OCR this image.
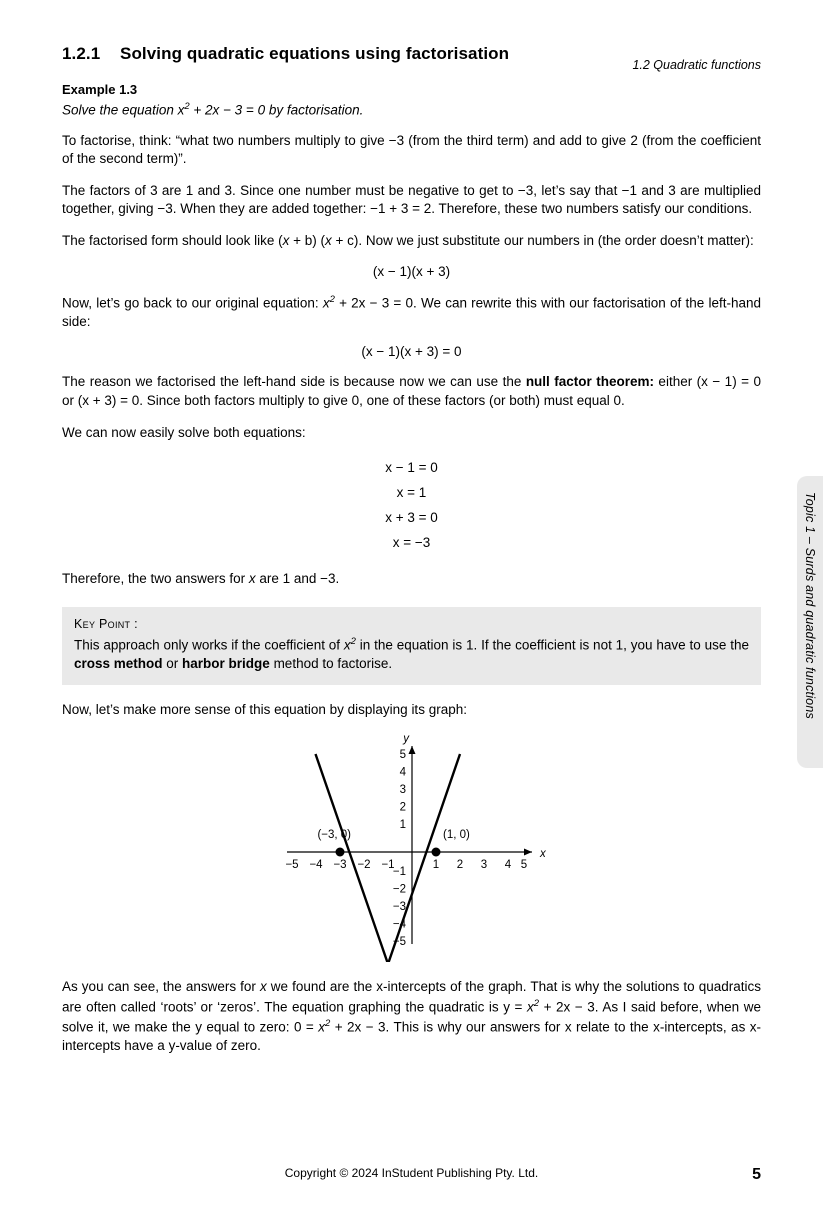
1.2 Quadratic functions
1.2.1 Solving quadratic equations using factorisation
Example 1.3
Solve the equation $x^2 + 2x - 3 = 0$ by factorisation.

To factorise, think: “what two numbers multiply to give −3 (from the third term) and add to give 2 (from the coefficient of the second term)”.

The factors of 3 are 1 and 3. Since one number must be negative to get to −3, let’s say that −1 and 3 are multiplied together, giving −3. When they are added together: −1 + 3 = 2. Therefore, these two numbers satisfy our conditions.

The factorised form should look like (x + b) (x + c). Now we just substitute our numbers in (the order doesn’t matter):

(x − 1)(x + 3)

Now, let’s go back to our original equation: $x^2 + 2x - 3 = 0$. We can rewrite this with our factorisation of the left-hand side:

(x − 1)(x + 3) = 0

The reason we factorised the left-hand side is because now we can use the null factor theorem: either (x − 1) = 0 or (x + 3) = 0. Since both factors multiply to give 0, one of these factors (or both) must equal 0.

We can now easily solve both equations:

x − 1 = 0
x = 1
x + 3 = 0
x = −3

Therefore, the two answers for x are 1 and −3.

Key Point :
This approach only works if the coefficient of $x^2$ in the equation is 1. If the coefficient is not 1, you have to use the cross method or harbor bridge method to factorise.

Now, let’s make more sense of this equation by displaying its graph:

(−3, 0)	(1, 0)
y
x
−5 −4 −3 −2 −1	1 2 3 4 5
5
4
3
2
1
−1
−2
−3
−4
−5

As you can see, the answers for x we found are the x-intercepts of the graph. That is why the solutions to quadratics are often called ‘roots’ or ‘zeros’. The equation graphing the quadratic is $y = x^2 + 2x - 3$. As I said before, when we solve it, we make the y equal to zero: $0 = x^2 + 2x - 3$. This is why our answers for x relate to the x-intercepts, as x-intercepts have a y-value of zero.

Topic 1 – Surds and quadratic functions
Copyright © 2024 InStudent Publishing Pty. Ltd.	5
